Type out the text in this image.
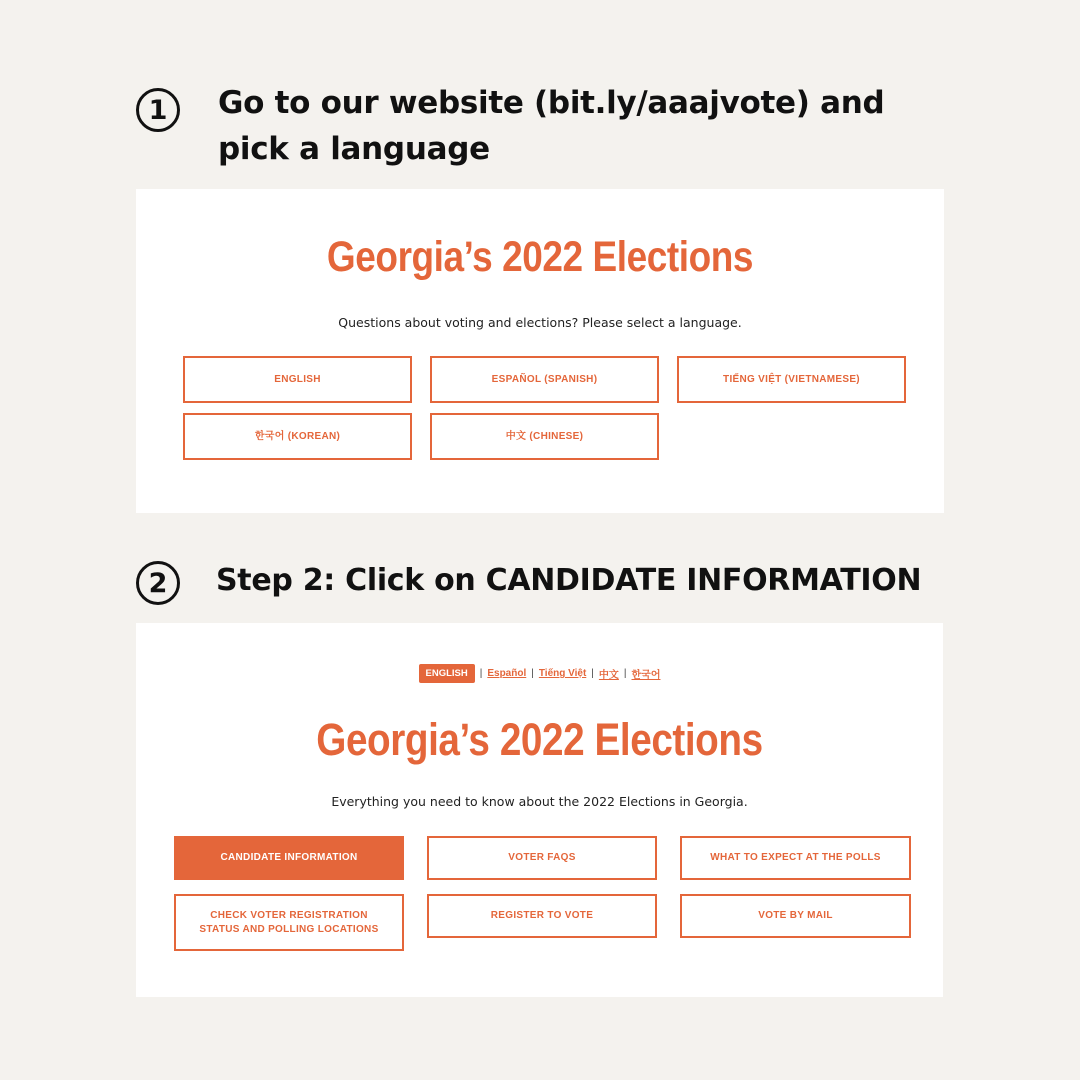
1	Go to our website (bit.ly/aaajvote) and pick a language
Georgia’s 2022 Elections
Questions about voting and elections? Please select a language.
ENGLISH	ESPAÑOL (SPANISH)	TIẾNG VIỆT (VIETNAMESE)
한국어 (KOREAN)	中文 (CHINESE)
2	Step 2: Click on CANDIDATE INFORMATION
ENGLISH	| Español | Tiếng Việt | 中文 | 한국어
Georgia’s 2022 Elections
Everything you need to know about the 2022 Elections in Georgia.
CANDIDATE INFORMATION	VOTER FAQS	WHAT TO EXPECT AT THE POLLS
CHECK VOTER REGISTRATION STATUS AND POLLING LOCATIONS
REGISTER TO VOTE	VOTE BY MAIL
